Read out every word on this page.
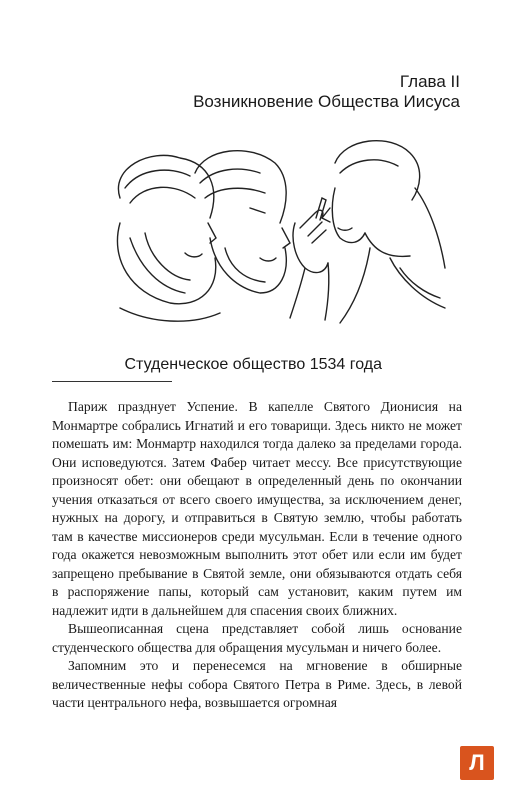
Глава II
Возникновение Общества Иисуса
Студенческое общество 1534 года

Париж празднует Успение. В капелле Святого Дионисия на Монмартре собрались Игнатий и его товарищи. Здесь никто не может помешать им: Монмартр находился тогда далеко за пределами города. Они исповедуются. Затем Фабер читает мессу. Все присутствующие произносят обет: они обещают в определенный день по окончании учения отказаться от всего своего имущества, за исключением денег, нужных на дорогу, и отправиться в Святую землю, чтобы работать там в качестве миссионеров среди мусульман. Если в течение одного года окажется невозможным выполнить этот обет или если им будет запрещено пребывание в Святой земле, они обязываются отдать себя в распоряжение папы, который сам установит, каким путем им надлежит идти в дальнейшем для спасения своих ближних.

Вышеописанная сцена представляет собой лишь основание студенческого общества для обращения мусульман и ничего более.

Запомним это и перенесемся на мгновение в обширные величественные нефы собора Святого Петра в Риме. Здесь, в левой части центрального нефа, возвышается огромная

Л
